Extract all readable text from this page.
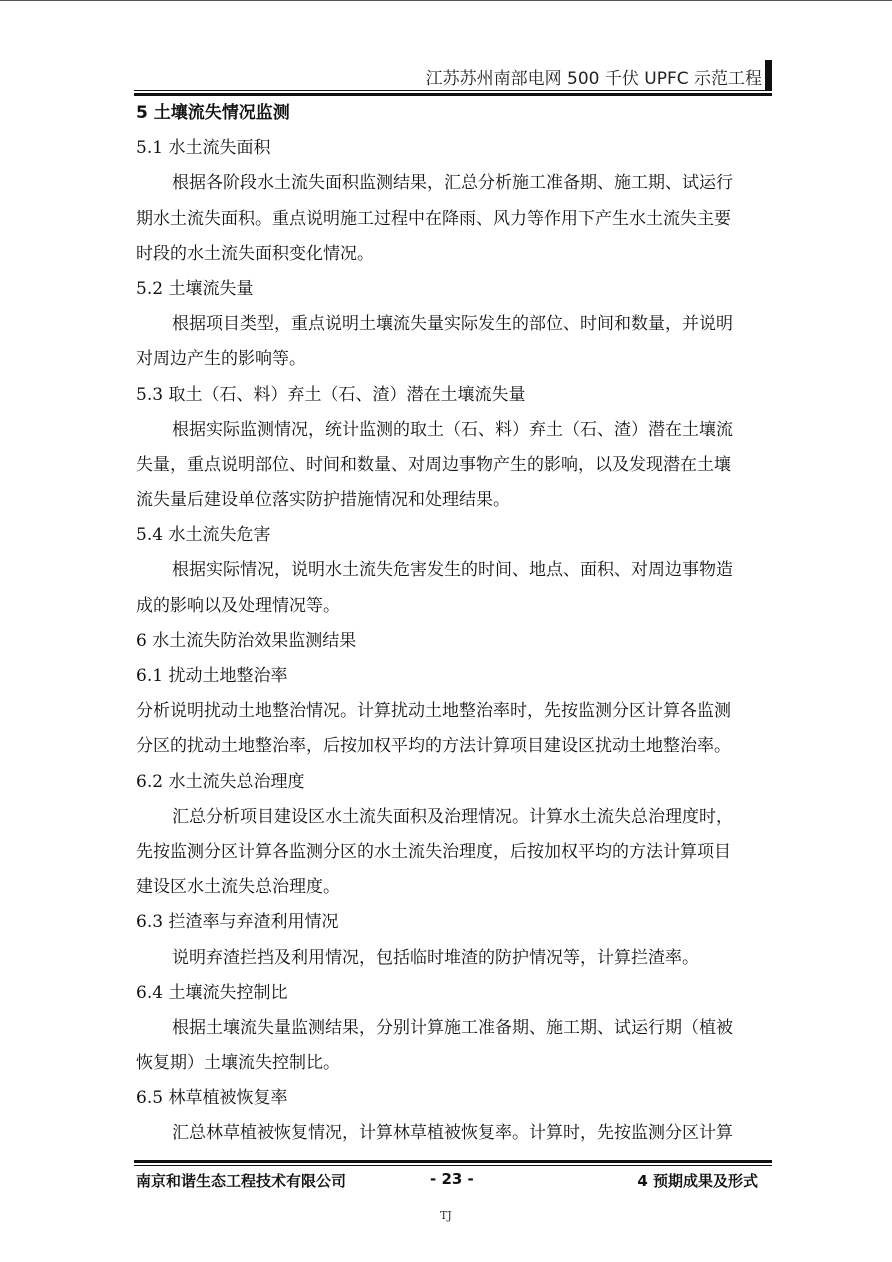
江苏苏州南部电网 500 千伏 UPFC 示范工程
5 土壤流失情况监测
5.1 水土流失面积
根据各阶段水土流失面积监测结果，汇总分析施工准备期、施工期、试运行
期水土流失面积。重点说明施工过程中在降雨、风力等作用下产生水土流失主要
时段的水土流失面积变化情况。
5.2 土壤流失量
根据项目类型，重点说明土壤流失量实际发生的部位、时间和数量，并说明
对周边产生的影响等。
5.3 取土（石、料）弃土（石、渣）潜在土壤流失量
根据实际监测情况，统计监测的取土（石、料）弃土（石、渣）潜在土壤流
失量，重点说明部位、时间和数量、对周边事物产生的影响，以及发现潜在土壤
流失量后建设单位落实防护措施情况和处理结果。
5.4 水土流失危害
根据实际情况，说明水土流失危害发生的时间、地点、面积、对周边事物造
成的影响以及处理情况等。
6 水土流失防治效果监测结果
6.1 扰动土地整治率
分析说明扰动土地整治情况。计算扰动土地整治率时，先按监测分区计算各监测
分区的扰动土地整治率，后按加权平均的方法计算项目建设区扰动土地整治率。
6.2 水土流失总治理度
汇总分析项目建设区水土流失面积及治理情况。计算水土流失总治理度时，
先按监测分区计算各监测分区的水土流失治理度，后按加权平均的方法计算项目
建设区水土流失总治理度。
6.3 拦渣率与弃渣利用情况
说明弃渣拦挡及利用情况，包括临时堆渣的防护情况等，计算拦渣率。
6.4 土壤流失控制比
根据土壤流失量监测结果，分别计算施工准备期、施工期、试运行期（植被
恢复期）土壤流失控制比。
6.5 林草植被恢复率
汇总林草植被恢复情况，计算林草植被恢复率。计算时，先按监测分区计算
南京和谐生态工程技术有限公司	- 23 -	4 预期成果及形式
TJ
